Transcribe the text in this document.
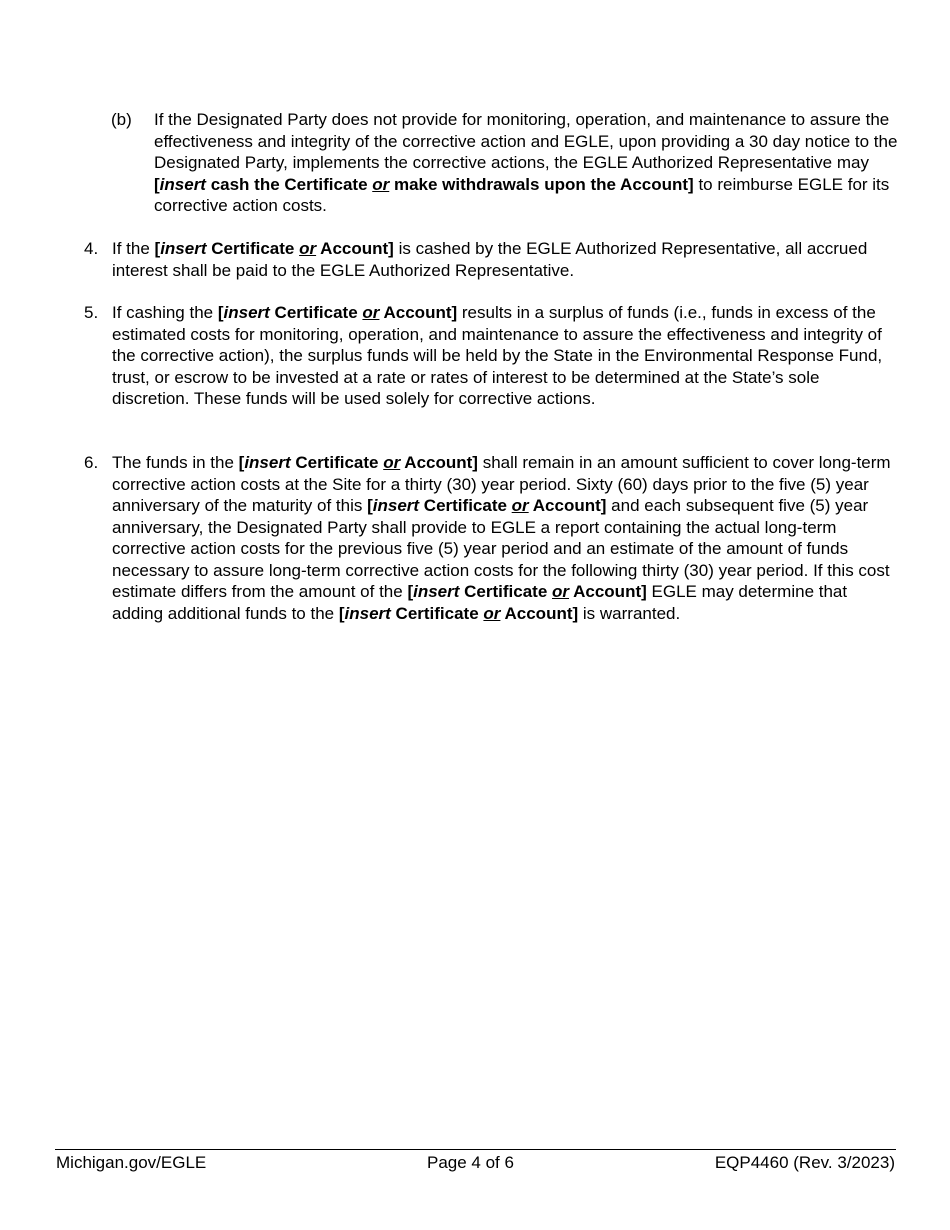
(b) If the Designated Party does not provide for monitoring, operation, and maintenance to assure the effectiveness and integrity of the corrective action and EGLE, upon providing a 30 day notice to the Designated Party, implements the corrective actions, the EGLE Authorized Representative may [insert cash the Certificate or make withdrawals upon the Account] to reimburse EGLE for its corrective action costs.

4. If the [insert Certificate or Account] is cashed by the EGLE Authorized Representative, all accrued interest shall be paid to the EGLE Authorized Representative.

5. If cashing the [insert Certificate or Account] results in a surplus of funds (i.e., funds in excess of the estimated costs for monitoring, operation, and maintenance to assure the effectiveness and integrity of the corrective action), the surplus funds will be held by the State in the Environmental Response Fund, trust, or escrow to be invested at a rate or rates of interest to be determined at the State’s sole discretion. These funds will be used solely for corrective actions.

6. The funds in the [insert Certificate or Account] shall remain in an amount sufficient to cover long-term corrective action costs at the Site for a thirty (30) year period. Sixty (60) days prior to the five (5) year anniversary of the maturity of this [insert Certificate or Account] and each subsequent five (5) year anniversary, the Designated Party shall provide to EGLE a report containing the actual long-term corrective action costs for the previous five (5) year period and an estimate of the amount of funds necessary to assure long-term corrective action costs for the following thirty (30) year period. If this cost estimate differs from the amount of the [insert Certificate or Account] EGLE may determine that adding additional funds to the [insert Certificate or Account] is warranted.

Michigan.gov/EGLE	Page 4 of 6	EQP4460 (Rev. 3/2023)
